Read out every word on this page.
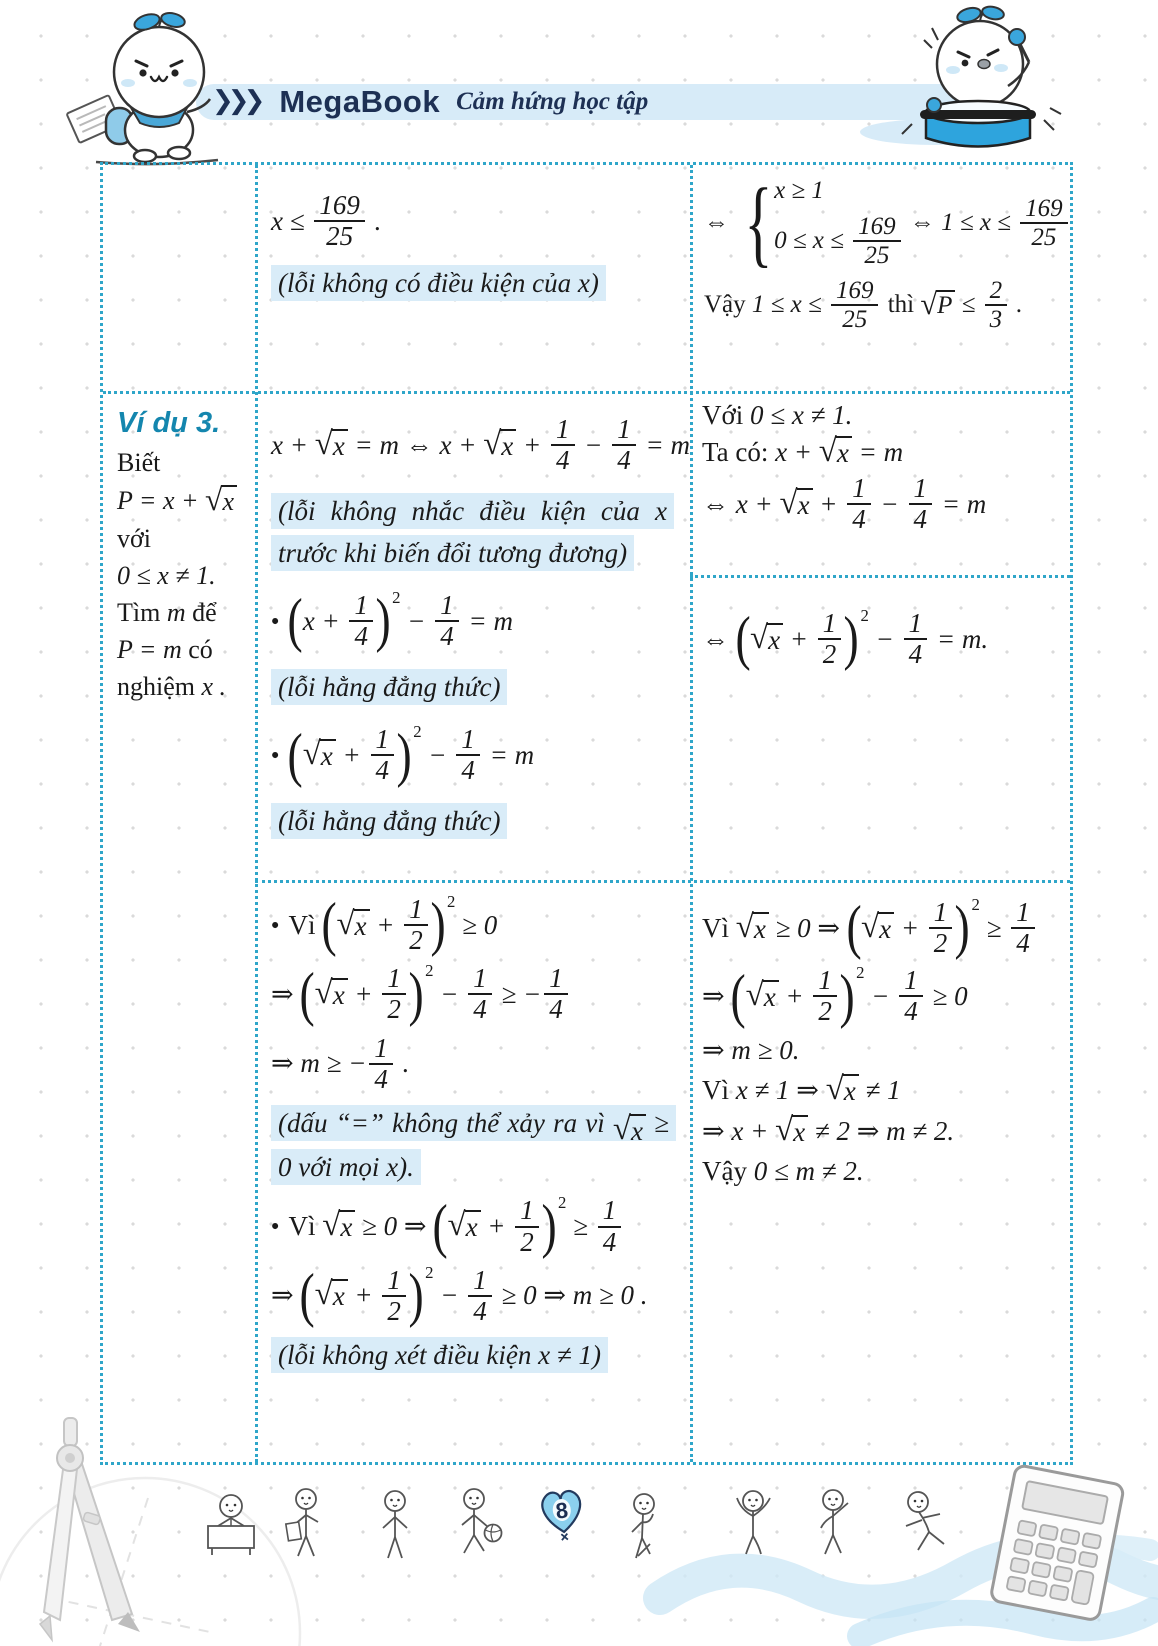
❯❯❯ MegaBook Cảm hứng học tập
$x \le \frac{169}{25}$ .
(lỗi không có điều kiện của x)
⇔ { x ≥ 1
$0 \le x \le \frac{169}{25}$ ⇔ $1 \le x \le \frac{169}{25}$
Vậy $1 \le x \le \frac{169}{25}$ thì √ $P \le \frac{2}{3}$ .
Ví dụ 3.
Biết
P = x + √ x
với
0 ≤ x ≠ 1.
Tìm m để
P = m có
nghiệm x .
x + √ x = m ⇔ x + √ $x + \frac{1}{4} - \frac{1}{4} = m$
(lỗi không nhắc điều kiện của x trước khi biến đổi tương đương)
● ( $x + \frac{1}{4}$ ) 2
− $\frac{1}{4} = m$
(lỗi hằng đẳng thức)
● ( √ $x + \frac{1}{4}$ ) 2
− $\frac{1}{4} = m$
(lỗi hằng đẳng thức)
Với 0 ≤ x ≠ 1.
Ta có: x + √ x = m
⇔ x + √ $x + \frac{1}{4} - \frac{1}{4} = m$
⇔ ( √ $x + \frac{1}{2}$ ) 2
− $\frac{1}{4} = m$.
● Vì ( √ $x + \frac{1}{2}$ ) 2
≥ 0
⇒ ( √ $x + \frac{1}{2}$ ) 2
− $\frac{1}{4}$ ≥ − $\frac{1}{4}$
⇒ m ≥ − $\frac{1}{4}$ .
(dấu “=” không thể xảy ra vì √ x ≥ 0 với mọi x).
● Vì √ x ≥ 0 ⇒ ( √ $x + \frac{1}{2}$ ) 2
≥ $\frac{1}{4}$
⇒ ( √ $x + \frac{1}{2}$ ) 2
− $\frac{1}{4} \ge 0$ ⇒ m ≥ 0 .
(lỗi không xét điều kiện x ≠ 1)
Vì √ x ≥ 0 ⇒ ( √ $x + \frac{1}{2}$ ) 2
≥ $\frac{1}{4}$
⇒ ( √ $x + \frac{1}{2}$ ) 2
− $\frac{1}{4} \ge 0$
⇒ m ≥ 0.
Vì x ≠ 1 ⇒ √ x ≠ 1
⇒ x + √ x ≠ 2 ⇒ m ≠ 2.
Vậy 0 ≤ m ≠ 2.
8
